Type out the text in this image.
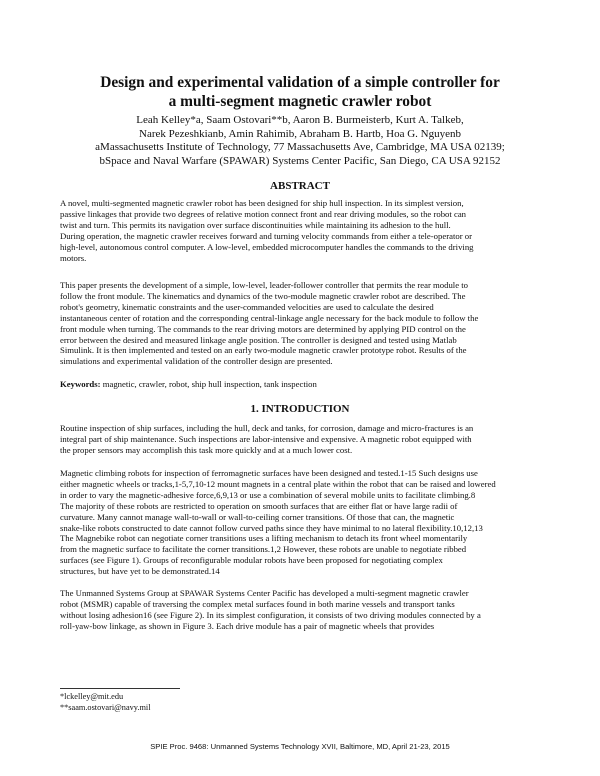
Design and experimental validation of a simple controller for
a multi-segment magnetic crawler robot
Leah Kelley*a, Saam Ostovari**b, Aaron B. Burmeisterb, Kurt A. Talkeb,
Narek Pezeshkianb, Amin Rahimib, Abraham B. Hartb, Hoa G. Nguyenb
aMassachusetts Institute of Technology, 77 Massachusetts Ave, Cambridge, MA USA 02139;
bSpace and Naval Warfare (SPAWAR) Systems Center Pacific, San Diego, CA USA 92152
ABSTRACT
A novel, multi-segmented magnetic crawler robot has been designed for ship hull inspection. In its simplest version,
passive linkages that provide two degrees of relative motion connect front and rear driving modules, so the robot can
twist and turn. This permits its navigation over surface discontinuities while maintaining its adhesion to the hull.
During operation, the magnetic crawler receives forward and turning velocity commands from either a tele-operator or
high-level, autonomous control computer. A low-level, embedded microcomputer handles the commands to the driving
motors.
This paper presents the development of a simple, low-level, leader-follower controller that permits the rear module to
follow the front module. The kinematics and dynamics of the two-module magnetic crawler robot are described. The
robot's geometry, kinematic constraints and the user-commanded velocities are used to calculate the desired
instantaneous center of rotation and the corresponding central-linkage angle necessary for the back module to follow the
front module when turning. The commands to the rear driving motors are determined by applying PID control on the
error between the desired and measured linkage angle position. The controller is designed and tested using Matlab
Simulink. It is then implemented and tested on an early two-module magnetic crawler prototype robot. Results of the
simulations and experimental validation of the controller design are presented.
Keywords: magnetic, crawler, robot, ship hull inspection, tank inspection
1. INTRODUCTION
Routine inspection of ship surfaces, including the hull, deck and tanks, for corrosion, damage and micro-fractures is an
integral part of ship maintenance. Such inspections are labor-intensive and expensive. A magnetic robot equipped with
the proper sensors may accomplish this task more quickly and at a much lower cost.
Magnetic climbing robots for inspection of ferromagnetic surfaces have been designed and tested.1-15 Such designs use
either magnetic wheels or tracks,1-5,7,10-12 mount magnets in a central plate within the robot that can be raised and lowered
in order to vary the magnetic-adhesive force,6,9,13 or use a combination of several mobile units to facilitate climbing.8
The majority of these robots are restricted to operation on smooth surfaces that are either flat or have large radii of
curvature. Many cannot manage wall-to-wall or wall-to-ceiling corner transitions. Of those that can, the magnetic
snake-like robots constructed to date cannot follow curved paths since they have minimal to no lateral flexibility.10,12,13
The Magnebike robot can negotiate corner transitions uses a lifting mechanism to detach its front wheel momentarily
from the magnetic surface to facilitate the corner transitions.1,2 However, these robots are unable to negotiate ribbed
surfaces (see Figure 1). Groups of reconfigurable modular robots have been proposed for negotiating complex
structures, but have yet to be demonstrated.14
The Unmanned Systems Group at SPAWAR Systems Center Pacific has developed a multi-segment magnetic crawler
robot (MSMR) capable of traversing the complex metal surfaces found in both marine vessels and transport tanks
without losing adhesion16 (see Figure 2). In its simplest configuration, it consists of two driving modules connected by a
roll-yaw-bow linkage, as shown in Figure 3. Each drive module has a pair of magnetic wheels that provides
*lckelley@mit.edu
**saam.ostovari@navy.mil
SPIE Proc. 9468: Unmanned Systems Technology XVII, Baltimore, MD, April 21-23, 2015
